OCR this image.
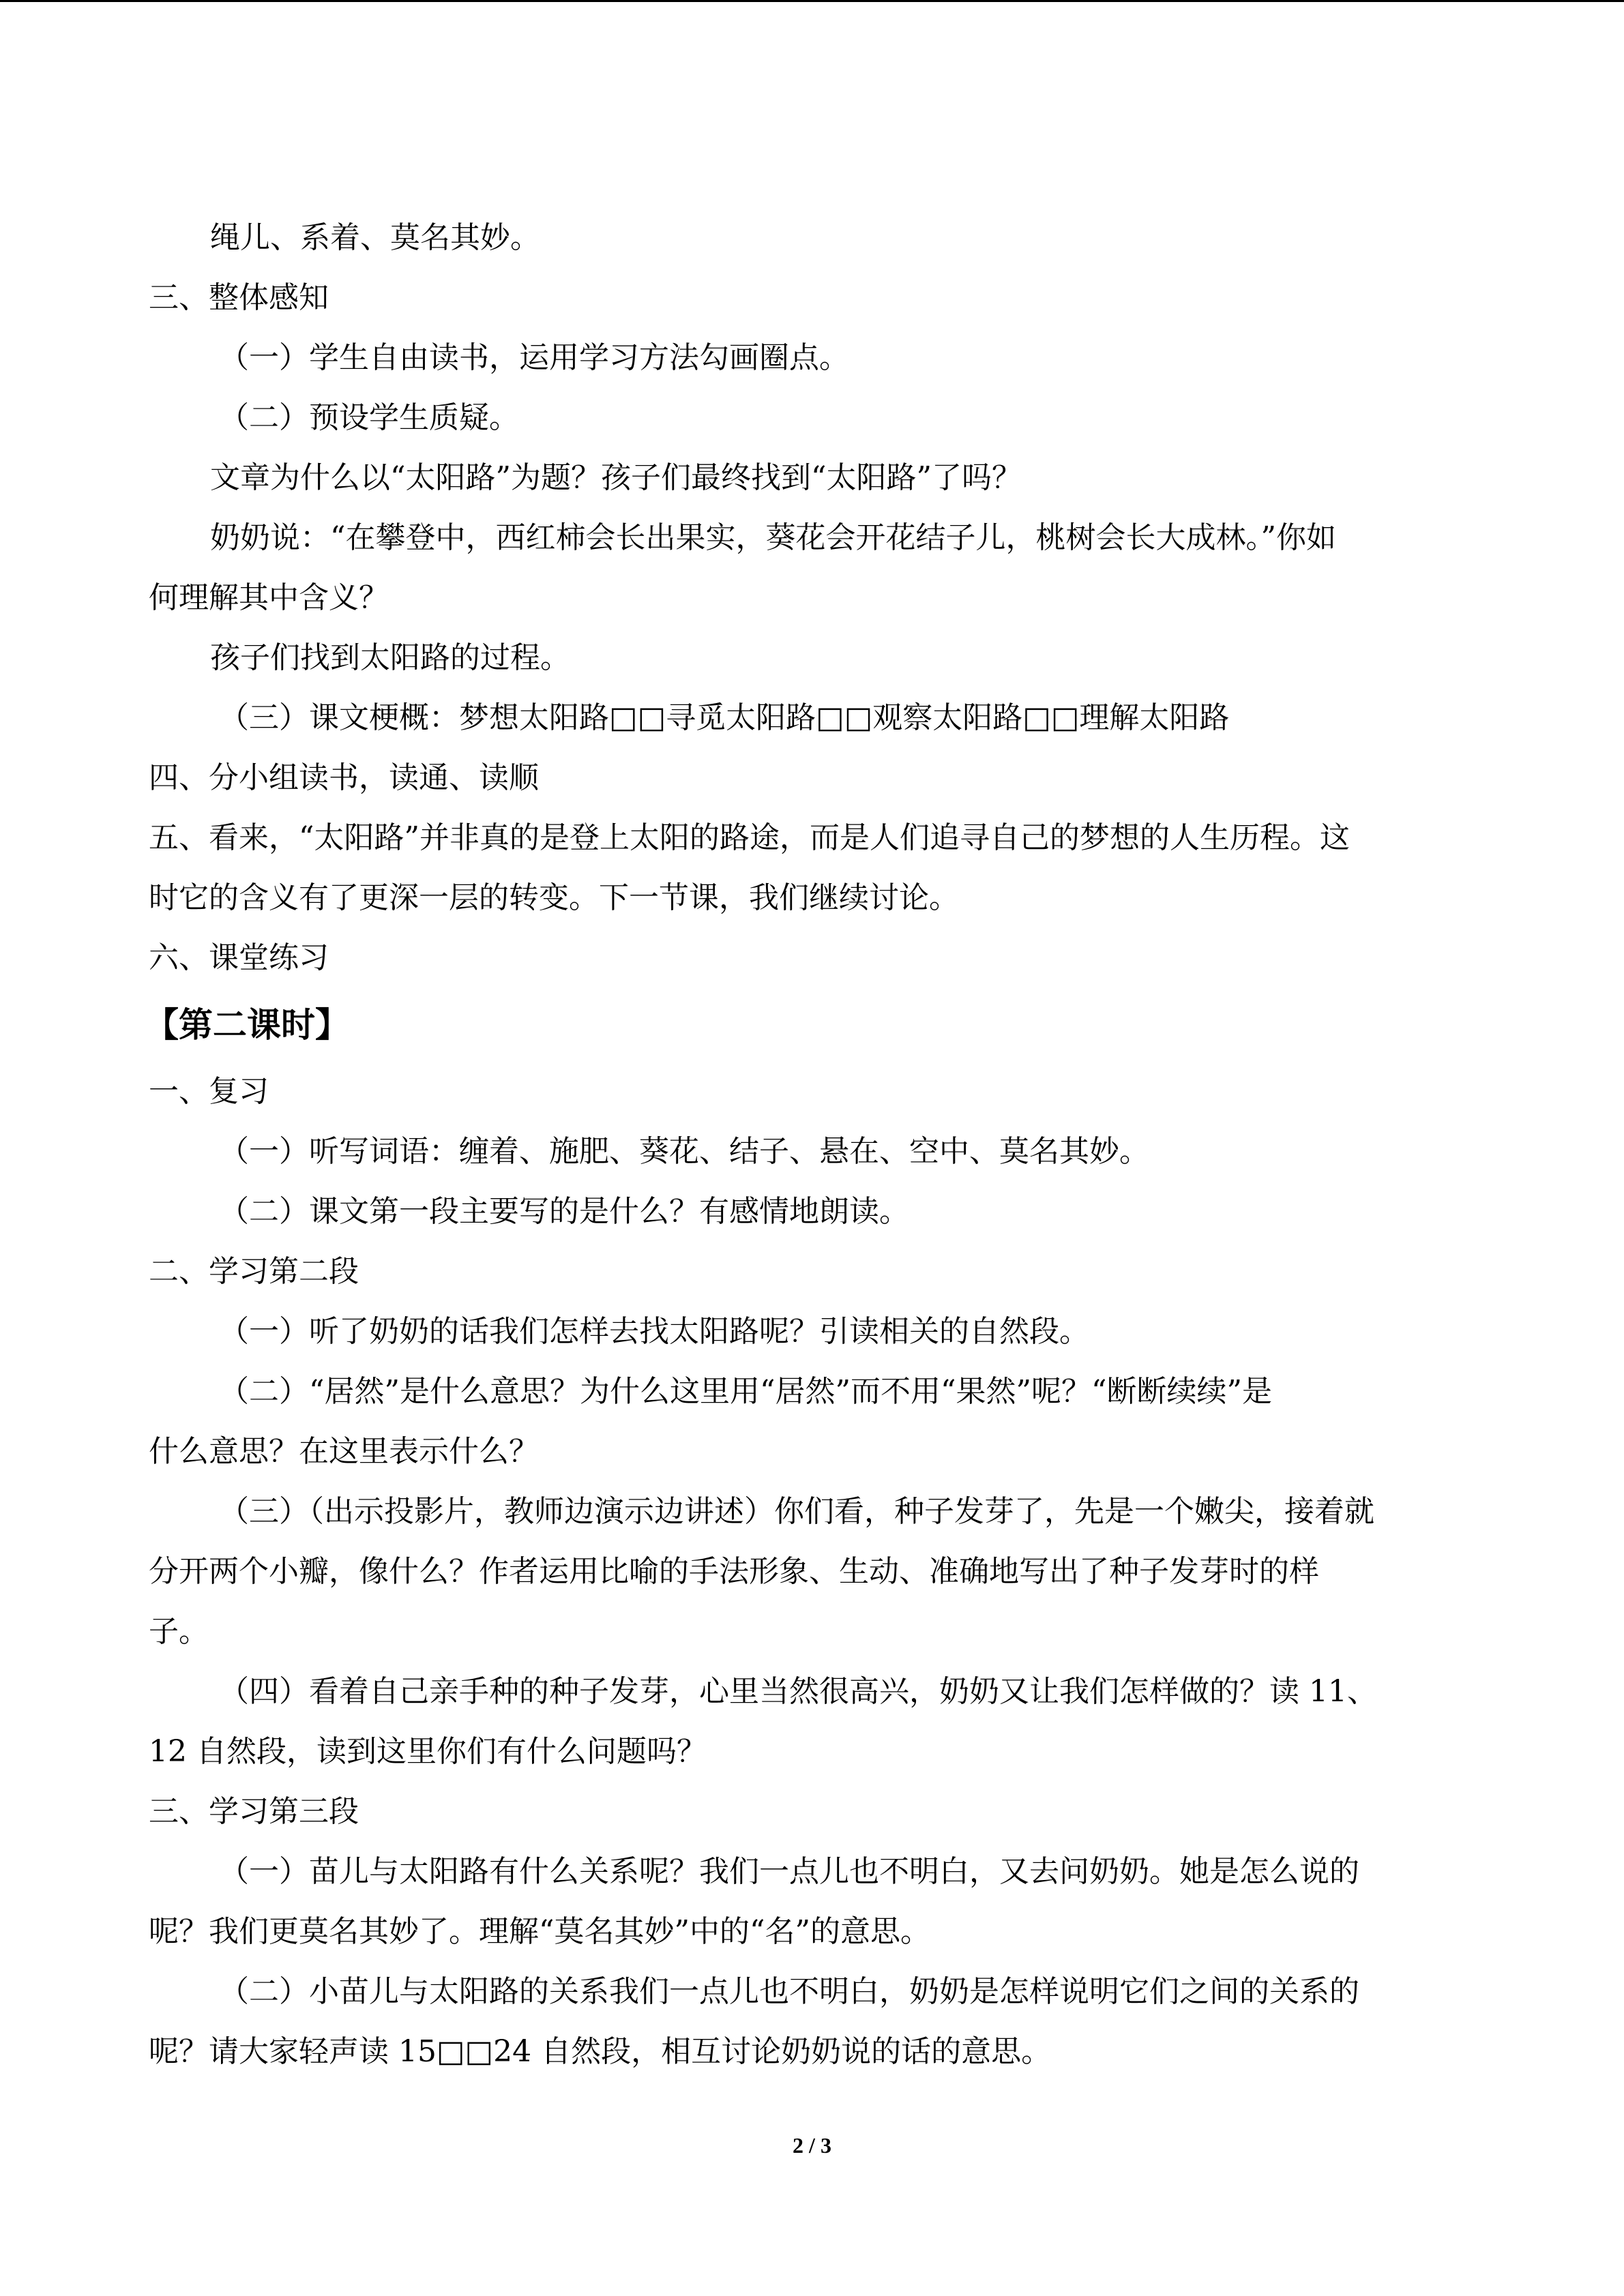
绳儿、系着、莫名其妙。

三、整体感知

（一）学生自由读书，运用学习方法勾画圈点。

（二）预设学生质疑。

文章为什么以“太阳路”为题？孩子们最终找到“太阳路”了吗？

奶奶说：“在攀登中，西红柿会长出果实，葵花会开花结子儿，桃树会长大成林。”你如

何理解其中含义？

孩子们找到太阳路的过程。

（三）课文梗概：梦想太阳路□□寻觅太阳路□□观察太阳路□□理解太阳路

四、分小组读书，读通、读顺

五、看来，“太阳路”并非真的是登上太阳的路途，而是人们追寻自己的梦想的人生历程。这

时它的含义有了更深一层的转变。下一节课，我们继续讨论。

六、课堂练习

【第二课时】

一、复习

（一）听写词语：缠着、施肥、葵花、结子、悬在、空中、莫名其妙。

（二）课文第一段主要写的是什么？有感情地朗读。

二、学习第二段

（一）听了奶奶的话我们怎样去找太阳路呢？引读相关的自然段。

（二）“居然”是什么意思？为什么这里用“居然”而不用“果然”呢？“断断续续”是

什么意思？在这里表示什么？

（三）（出示投影片，教师边演示边讲述）你们看，种子发芽了，先是一个嫩尖，接着就

分开两个小瓣，像什么？作者运用比喻的手法形象、生动、准确地写出了种子发芽时的样

子。

（四）看着自己亲手种的种子发芽，心里当然很高兴，奶奶又让我们怎样做的？读 11、

12 自然段，读到这里你们有什么问题吗？

三、学习第三段

（一）苗儿与太阳路有什么关系呢？我们一点儿也不明白，又去问奶奶。她是怎么说的

呢？我们更莫名其妙了。理解“莫名其妙”中的“名”的意思。

（二）小苗儿与太阳路的关系我们一点儿也不明白，奶奶是怎样说明它们之间的关系的

呢？请大家轻声读 15□□24 自然段，相互讨论奶奶说的话的意思。

2 / 3
